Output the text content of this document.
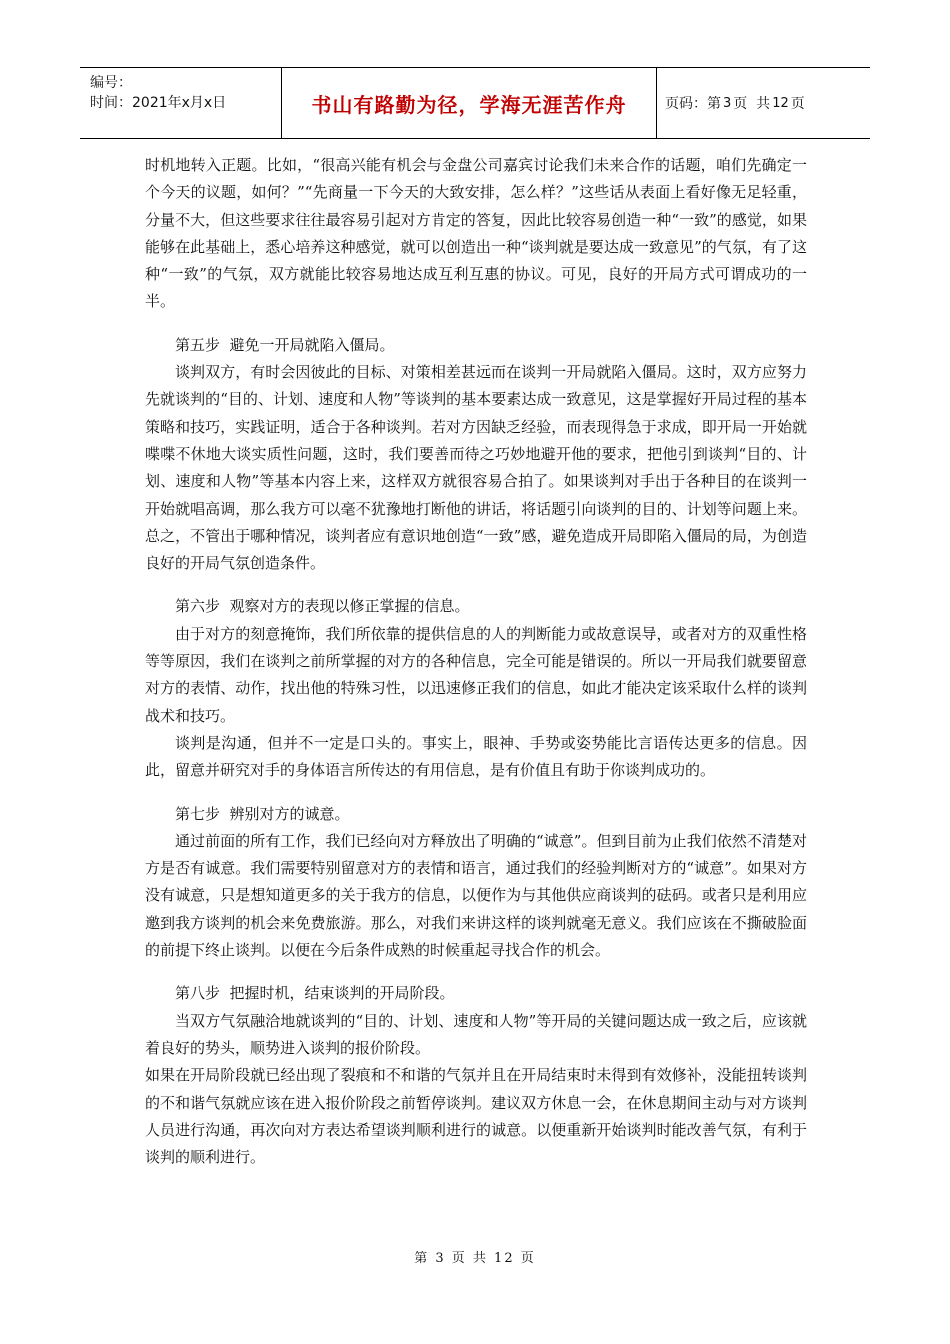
编号：
时间：2021年x月x日	书山有路勤为径，学海无涯苦作舟	页码：第 3 页  共 12 页

时机地转入正题。比如，“很高兴能有机会与金盘公司嘉宾讨论我们未来合作的话题，咱们先确定一个今天的议题，如何？”“先商量一下今天的大致安排，怎么样？”这些话从表面上看好像无足轻重，分量不大，但这些要求往往最容易引起对方肯定的答复，因此比较容易创造一种“一致”的感觉，如果能够在此基础上，悉心培养这种感觉，就可以创造出一种“谈判就是要达成一致意见”的气氛，有了这种“一致”的气氛，双方就能比较容易地达成互利互惠的协议。可见，良好的开局方式可谓成功的一半。

第五步  避免一开局就陷入僵局。

谈判双方，有时会因彼此的目标、对策相差甚远而在谈判一开局就陷入僵局。这时，双方应努力先就谈判的“目的、计划、速度和人物”等谈判的基本要素达成一致意见，这是掌握好开局过程的基本策略和技巧，实践证明，适合于各种谈判。若对方因缺乏经验，而表现得急于求成，即开局一开始就喋喋不休地大谈实质性问题，这时，我们要善而待之巧妙地避开他的要求，把他引到谈判“目的、计划、速度和人物”等基本内容上来，这样双方就很容易合拍了。如果谈判对手出于各种目的在谈判一开始就唱高调，那么我方可以毫不犹豫地打断他的讲话，将话题引向谈判的目的、计划等问题上来。总之，不管出于哪种情况，谈判者应有意识地创造“一致”感，避免造成开局即陷入僵局的局，为创造良好的开局气氛创造条件。

第六步  观察对方的表现以修正掌握的信息。

由于对方的刻意掩饰，我们所依靠的提供信息的人的判断能力或故意误导，或者对方的双重性格等等原因，我们在谈判之前所掌握的对方的各种信息，完全可能是错误的。所以一开局我们就要留意对方的表情、动作，找出他的特殊习性，以迅速修正我们的信息，如此才能决定该采取什么样的谈判战术和技巧。

谈判是沟通，但并不一定是口头的。事实上，眼神、手势或姿势能比言语传达更多的信息。因此，留意并研究对手的身体语言所传达的有用信息，是有价值且有助于你谈判成功的。

第七步  辨别对方的诚意。

通过前面的所有工作，我们已经向对方释放出了明确的“诚意”。但到目前为止我们依然不清楚对方是否有诚意。我们需要特别留意对方的表情和语言，通过我们的经验判断对方的“诚意”。如果对方没有诚意，只是想知道更多的关于我方的信息，以便作为与其他供应商谈判的砝码。或者只是利用应邀到我方谈判的机会来免费旅游。那么，对我们来讲这样的谈判就毫无意义。我们应该在不撕破脸面的前提下终止谈判。以便在今后条件成熟的时候重起寻找合作的机会。

第八步  把握时机，结束谈判的开局阶段。

当双方气氛融洽地就谈判的“目的、计划、速度和人物”等开局的关键问题达成一致之后，应该就着良好的势头，顺势进入谈判的报价阶段。

如果在开局阶段就已经出现了裂痕和不和谐的气氛并且在开局结束时未得到有效修补，没能扭转谈判的不和谐气氛就应该在进入报价阶段之前暂停谈判。建议双方休息一会，在休息期间主动与对方谈判人员进行沟通，再次向对方表达希望谈判顺利进行的诚意。以便重新开始谈判时能改善气氛，有利于谈判的顺利进行。

第 3 页 共 12 页
